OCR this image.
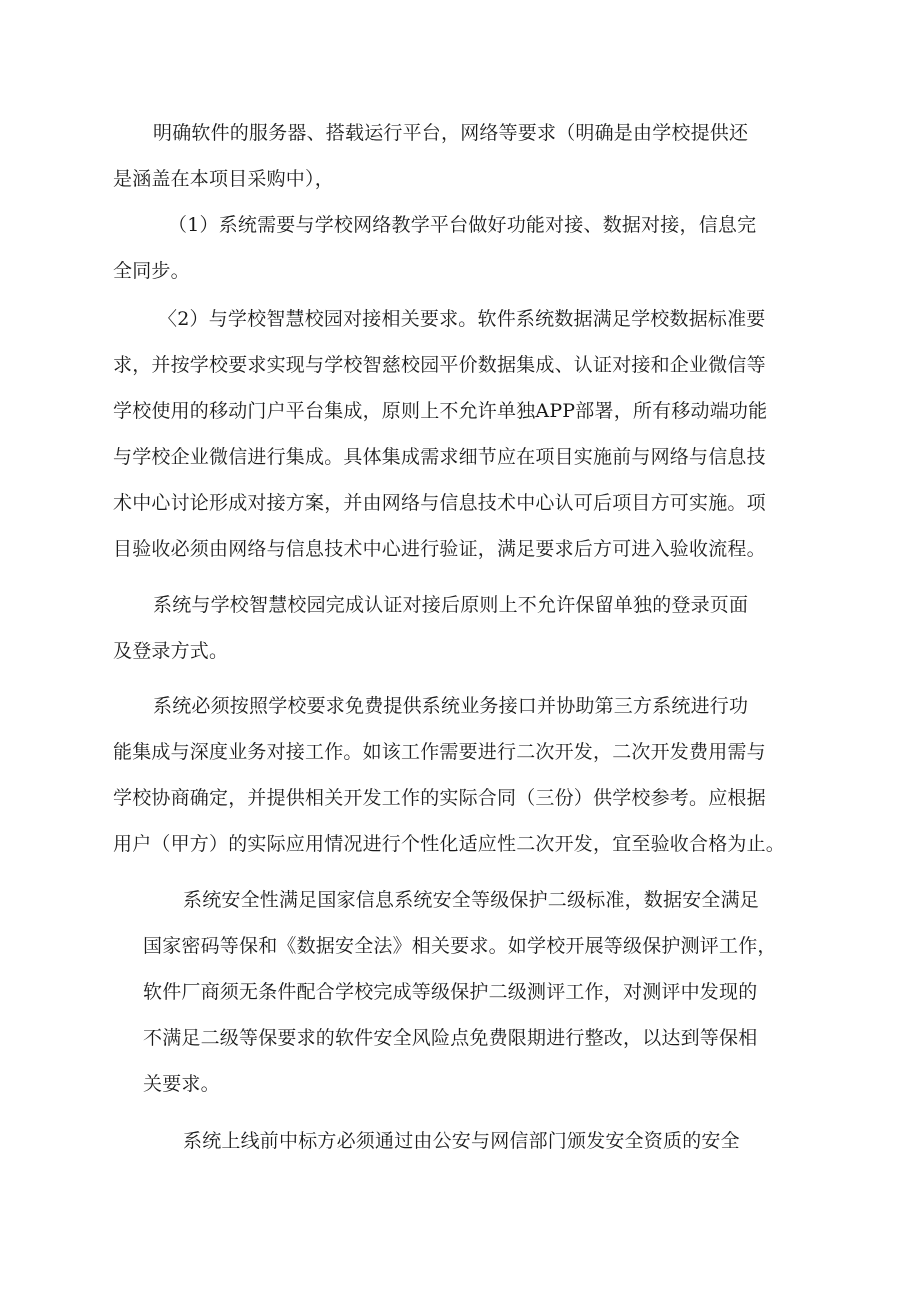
明确软件的服务器、搭载运行平台，网络等要求（明确是由学校提供还
是涵盖在本项目采购中），
（1）系统需要与学校网络教学平台做好功能对接、数据对接，信息完
全同步。
〈2）与学校智慧校园对接相关要求。软件系统数据满足学校数据标准要
求，并按学校要求实现与学校智慈校园平价数据集成、认证对接和企业微信等
学校使用的移动门户平台集成，原则上不允许单独APP部署，所有移动端功能
与学校企业微信进行集成。具体集成需求细节应在项目实施前与网络与信息技
术中心讨论形成对接方案，并由网络与信息技术中心认可后项目方可实施。项
目验收必须由网络与信息技术中心进行验证，满足要求后方可进入验收流程。
系统与学校智慧校园完成认证对接后原则上不允许保留单独的登录页面
及登录方式。
系统必须按照学校要求免费提供系统业务接口并协助第三方系统进行功
能集成与深度业务对接工作。如该工作需要进行二次开发，二次开发费用需与
学校协商确定，并提供相关开发工作的实际合同（三份）供学校参考。应根据
用户（甲方）的实际应用情况进行个性化适应性二次开发，宜至验收合格为止。
系统安全性满足国家信息系统安全等级保护二级标准，数据安全满足
国家密码等保和《数据安全法》相关要求。如学校开展等级保护测评工作，
软件厂商须无条件配合学校完成等级保护二级测评工作，对测评中发现的
不满足二级等保要求的软件安全风险点免费限期进行整改，以达到等保相
关要求。
系统上线前中标方必须通过由公安与网信部门颁发安全资质的安全
